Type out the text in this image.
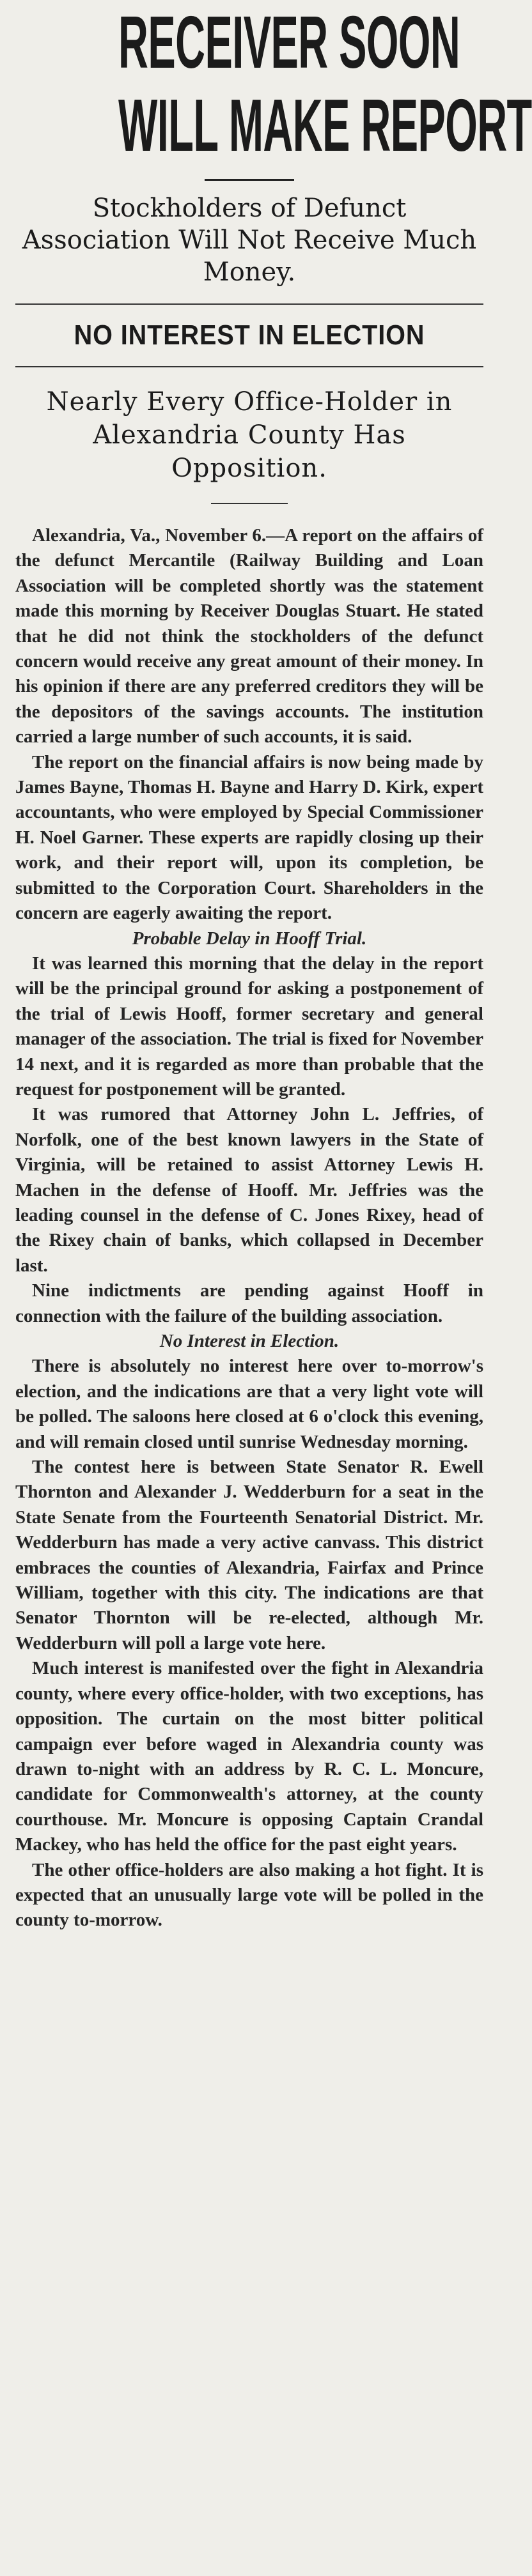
RECEIVER SOON
WILL MAKE REPORT
Stockholders of Defunct Association Will Not Receive Much Money.
NO INTEREST IN ELECTION
Nearly Every Office-Holder in Alexandria County Has Opposition.

Alexandria, Va., November 6.—A report on the affairs of the defunct Mercantile (Railway Building and Loan Association will be completed shortly was the statement made this morning by Receiver Douglas Stuart. He stated that he did not think the stockholders of the defunct concern would receive any great amount of their money. In his opinion if there are any preferred creditors they will be the depositors of the savings accounts. The institution carried a large number of such accounts, it is said.

The report on the financial affairs is now being made by James Bayne, Thomas H. Bayne and Harry D. Kirk, expert accountants, who were employed by Special Commissioner H. Noel Garner. These experts are rapidly closing up their work, and their report will, upon its completion, be submitted to the Corporation Court. Shareholders in the concern are eagerly awaiting the report.

Probable Delay in Hooff Trial.

It was learned this morning that the delay in the report will be the principal ground for asking a postponement of the trial of Lewis Hooff, former secretary and general manager of the association. The trial is fixed for November 14 next, and it is regarded as more than probable that the request for postponement will be granted.

It was rumored that Attorney John L. Jeffries, of Norfolk, one of the best known lawyers in the State of Virginia, will be retained to assist Attorney Lewis H. Machen in the defense of Hooff. Mr. Jeffries was the leading counsel in the defense of C. Jones Rixey, head of the Rixey chain of banks, which collapsed in December last.

Nine indictments are pending against Hooff in connection with the failure of the building association.

No Interest in Election.

There is absolutely no interest here over to-morrow's election, and the indications are that a very light vote will be polled. The saloons here closed at 6 o'clock this evening, and will remain closed until sunrise Wednesday morning.

The contest here is between State Senator R. Ewell Thornton and Alexander J. Wedderburn for a seat in the State Senate from the Fourteenth Senatorial District. Mr. Wedderburn has made a very active canvass. This district embraces the counties of Alexandria, Fairfax and Prince William, together with this city. The indications are that Senator Thornton will be re-elected, although Mr. Wedderburn will poll a large vote here.

Much interest is manifested over the fight in Alexandria county, where every office-holder, with two exceptions, has opposition. The curtain on the most bitter political campaign ever before waged in Alexandria county was drawn to-night with an address by R. C. L. Moncure, candidate for Commonwealth's attorney, at the county courthouse. Mr. Moncure is opposing Captain Crandal Mackey, who has held the office for the past eight years.

The other office-holders are also making a hot fight. It is expected that an unusually large vote will be polled in the county to-morrow.
